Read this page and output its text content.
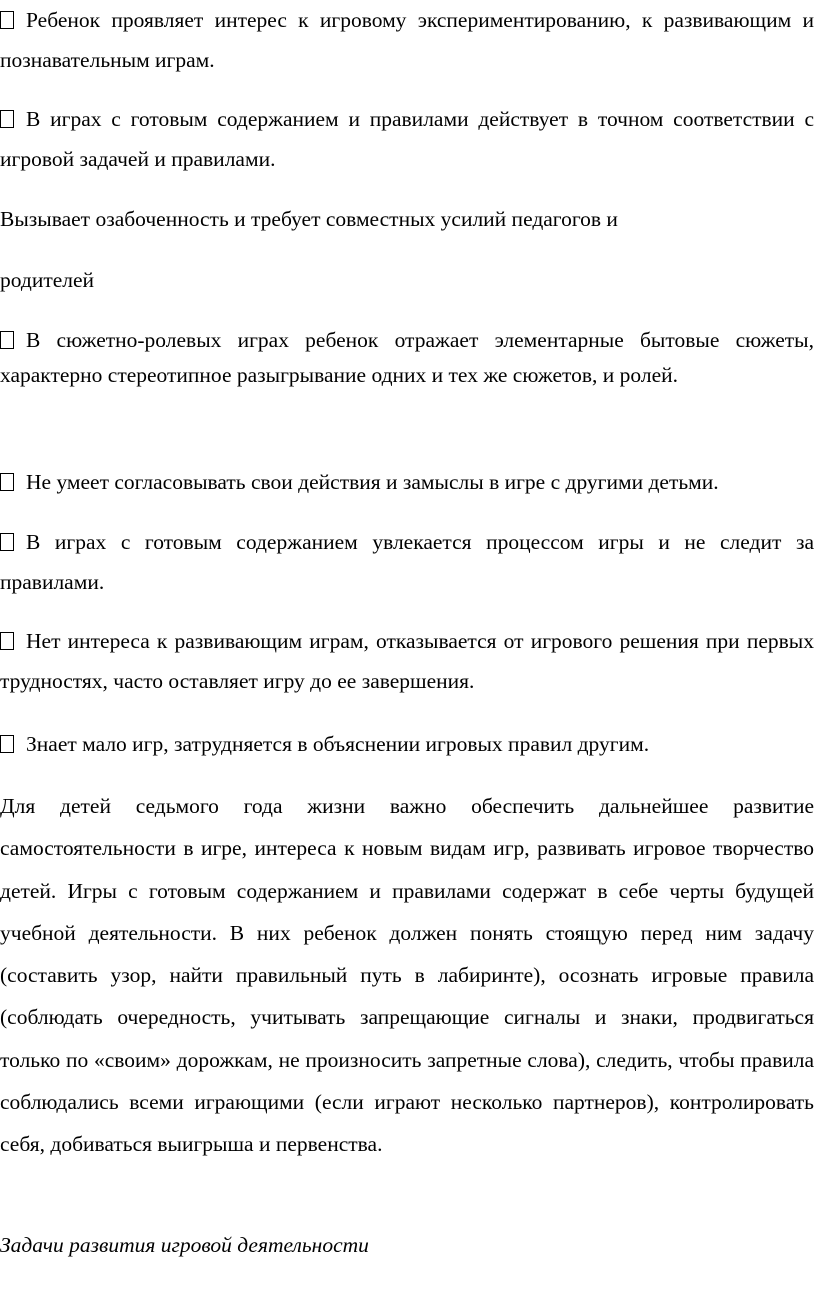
Ребенок проявляет интерес к игровому экспериментированию, к развивающим и познавательным играм.

В играх с готовым содержанием и правилами действует в точном соответствии с игровой задачей и правилами.

Вызывает озабоченность и требует совместных усилий педагогов и

родителей

В сюжетно-ролевых играх ребенок отражает элементарные бытовые сюжеты, характерно стереотипное разыгрывание одних и тех же сюжетов, и ролей.

Не умеет согласовывать свои действия и замыслы в игре с другими детьми.

В играх с готовым содержанием увлекается процессом игры и не следит за правилами.

Нет интереса к развивающим играм, отказывается от игрового решения при первых трудностях, часто оставляет игру до ее завершения.

Знает мало игр, затрудняется в объяснении игровых правил другим.

Для детей седьмого года жизни важно обеспечить дальнейшее развитие самостоятельности в игре, интереса к новым видам игр, развивать игровое творчество детей. Игры с готовым содержанием и правилами содержат в себе черты будущей учебной деятельности. В них ребенок должен понять стоящую перед ним задачу (составить узор, найти правильный путь в лабиринте), осознать игровые правила (соблюдать очередность, учитывать запрещающие сигналы и знаки, продвигаться только по «своим» дорожкам, не произносить запретные слова), следить, чтобы правила соблюдались всеми играющими (если играют несколько партнеров), контролировать себя, добиваться выигрыша и первенства.

Задачи развития игровой деятельности
